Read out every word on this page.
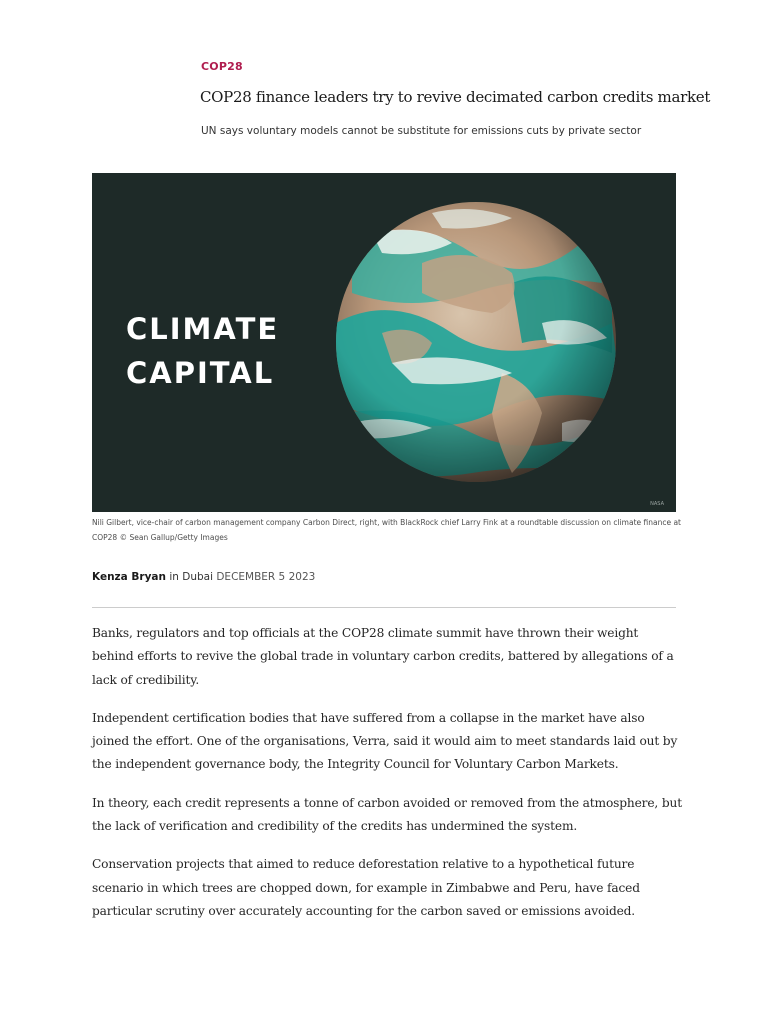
COP28
COP28 finance leaders try to revive decimated carbon credits market
UN says voluntary models cannot be substitute for emissions cuts by private sector
CLIMATE
CAPITAL
NASA
Nili Gilbert, vice-chair of carbon management company Carbon Direct, right, with BlackRock chief Larry Fink at a roundtable discussion on climate finance at COP28 © Sean Gallup/Getty Images
Kenza Bryan in Dubai DECEMBER 5 2023

Banks, regulators and top officials at the COP28 climate summit have thrown their weight behind efforts to revive the global trade in voluntary carbon credits, battered by allegations of a lack of credibility.

Independent certification bodies that have suffered from a collapse in the market have also joined the effort. One of the organisations, Verra, said it would aim to meet standards laid out by the independent governance body, the Integrity Council for Voluntary Carbon Markets.

In theory, each credit represents a tonne of carbon avoided or removed from the atmosphere, but the lack of verification and credibility of the credits has undermined the system.

Conservation projects that aimed to reduce deforestation relative to a hypothetical future scenario in which trees are chopped down, for example in Zimbabwe and Peru, have faced particular scrutiny over accurately accounting for the carbon saved or emissions avoided.
